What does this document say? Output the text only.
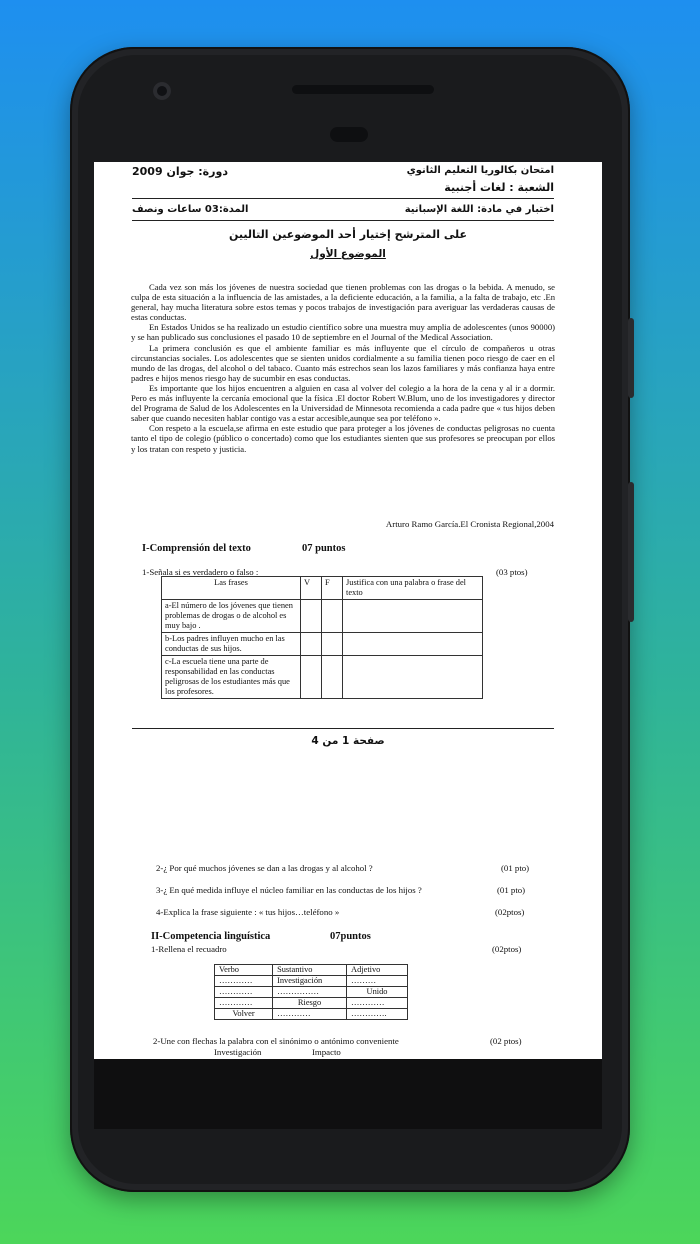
امتحان بكالوريا التعليم الثانوي
دورة: جوان 2009
الشعبة : لغات أجنبية
اختبار في مادة: اللغة الإسبانية
المدة:03 ساعات ونصف
على المترشح إختيار أحد الموضوعين التاليين
الموضوع الأول

Cada vez son más los jóvenes de nuestra sociedad que tienen problemas con las drogas o la bebida. A menudo, se culpa de esta situación a la influencia de las amistades, a la deficiente educación, a la familia, a la falta de trabajo, etc .En general, hay mucha literatura sobre estos temas y pocos trabajos de investigación para averiguar las verdaderas causas de estas conductas.

En Estados Unidos se ha realizado un estudio científico sobre una muestra muy amplia de adolescentes (unos 90000) y se han publicado sus conclusiones el pasado 10 de septiembre en el Journal of the Medical Association.

La primera conclusión es que el ambiente familiar es más influyente que el círculo de compañeros u otras circunstancias sociales. Los adolescentes que se sienten unidos cordialmente a su familia tienen poco riesgo de caer en el mundo de las drogas, del alcohol o del tabaco. Cuanto más estrechos sean los lazos familiares y más confianza haya entre padres e hijos menos riesgo hay de sucumbir en esas conductas.

Es importante que los hijos encuentren a alguien en casa al volver del colegio a la hora de la cena y al ir a dormir. Pero es más influyente la cercanía emocional que la física .El doctor Robert W.Blum, uno de los investigadores y director del Programa de Salud de los Adolescentes en la Universidad de Minnesota recomienda a cada padre que « tus hijos deben saber que cuando necesiten hablar contigo vas a estar accesible,aunque sea por teléfono ».

Con respeto a la escuela,se afirma en este estudio que para proteger a los jóvenes de conductas peligrosas no cuenta tanto el tipo de colegio (público o concertado) como que los estudiantes sienten que sus profesores se preocupan por ellos y los tratan con respeto y justicia.

Arturo Ramo García.El Cronista Regional,2004
I-Comprensión del texto	07 puntos
1-Señala si es verdadero o falso :	(03 ptos)
Las frases	V	F	Justifica con una palabra o frase del texto
a-El número de los jóvenes que tienen problemas de drogas o de alcohol es muy bajo .			
b-Los padres influyen mucho en las conductas de sus hijos.			
c-La escuela tiene una parte de responsabilidad en las conductas peligrosas de los estudiantes más que los profesores.			
صفحة 1 من 4
2-¿ Por qué muchos jóvenes se dan a las drogas y al alcohol ?	(01 pto)
3-¿ En qué medida influye el núcleo familiar en las conductas de los hijos ?	(01 pto)
4-Explica la frase siguiente : « tus hijos…teléfono »	(02ptos)
II-Competencia linguística	07puntos
1-Rellena el recuadro	(02ptos)
Verbo	Sustantivo	Adjetivo
…………	Investigación	………
…………	……………	Unido
…………	Riesgo	…………
Volver	…………	………….
2-Une con flechas la palabra con el sinónimo o antónimo conveniente	(02 ptos)
Investigación	Impacto
